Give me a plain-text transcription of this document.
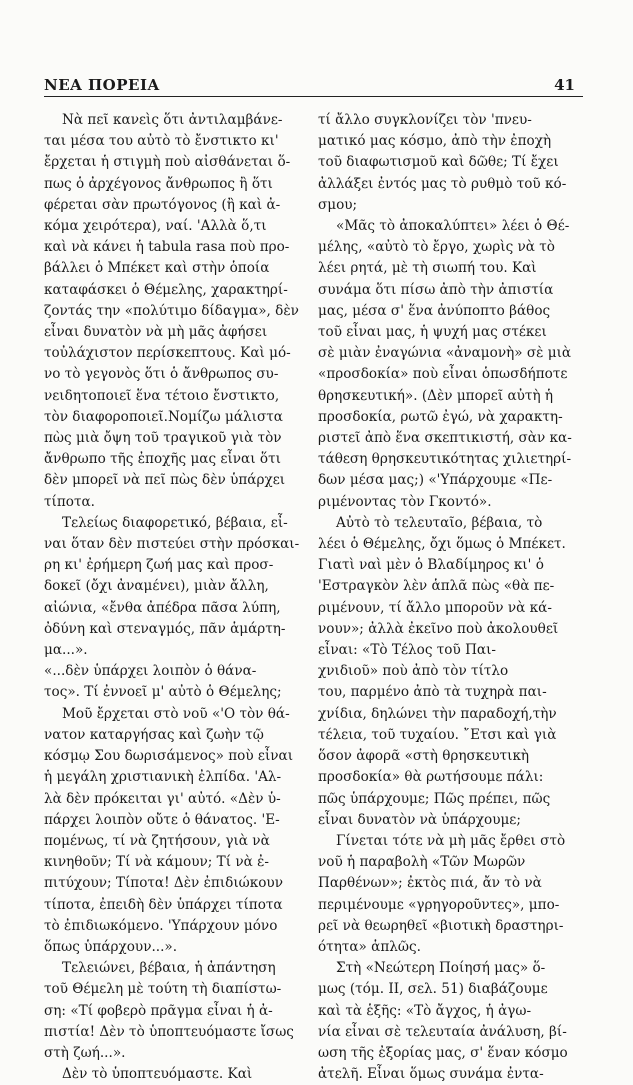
ΝΕΑ ΠΟΡΕΙΑ	41
Νὰ πεῖ κανεὶς ὅτι ἀντιλαμβάνε-
ται μέσα του αὐτὸ τὸ ἔνστικτο κι'
ἔρχεται ἡ στιγμὴ ποὺ αἰσθάνεται ὅ-
πως ὁ ἀρχέγονος ἄνθρωπος ἢ ὅτι
φέρεται σὰν πρωτόγονος (ἢ καὶ ἀ-
κόμα χειρότερα), ναί. 'Αλλὰ ὅ,τι
καὶ νὰ κάνει ἡ tabula rasa ποὺ προ-
βάλλει ὁ Μπέκετ καὶ στὴν ὁποία
καταφάσκει ὁ Θέμελης, χαρακτηρί-
ζοντάς την «πολύτιμο δίδαγμα», δὲν
εἶναι δυνατὸν νὰ μὴ μᾶς ἀφήσει
τοὐλάχιστον περίσκεπτους. Καὶ μό-
νο τὸ γεγονὸς ὅτι ὁ ἄνθρωπος συ-
νειδητοποιεῖ ἕνα τέτοιο ἔνστικτο,
τὸν διαφοροποιεῖ.Νομίζω μάλιστα
πὼς μιὰ ὄψη τοῦ τραγικοῦ γιὰ τὸν
ἄνθρωπο τῆς ἐποχῆς μας εἶναι ὅτι
δὲν μπορεῖ νὰ πεῖ πὼς δὲν ὑπάρχει
τίποτα.
Τελείως διαφορετικό, βέβαια, εἶ-
ναι ὅταν δὲν πιστεύει στὴν πρόσκαι-
ρη κι' ἐρήμερη ζωή μας καὶ προσ-
δοκεῖ (ὄχι ἀναμένει), μιὰν ἄλλη,
αἰώνια, «ἔνθα ἀπέδρα πᾶσα λύπη,
ὀδύνη καὶ στεναγμός, πᾶν ἁμάρτη-
μα...».
«...δὲν ὑπάρχει λοιπὸν ὁ θάνα-
τος». Τί ἐννοεῖ μ' αὐτὸ ὁ Θέμελης;
Μοῦ ἔρχεται στὸ νοῦ «'Ο τὸν θά-
νατον καταργήσας καὶ ζωὴν τῷ
κόσμῳ Σου δωρισάμενος» ποὺ εἶναι
ἡ μεγάλη χριστιανικὴ ἐλπίδα. 'Αλ-
λὰ δὲν πρόκειται γι' αὐτό. «Δὲν ὑ-
πάρχει λοιπὸν οὔτε ὁ θάνατος. 'Ε-
πομένως, τί νὰ ζητήσουν, γιὰ νὰ
κινηθοῦν; Τί νὰ κάμουν; Τί νὰ ἐ-
πιτύχουν; Τίποτα! Δὲν ἐπιδιώκουν
τίποτα, ἐπειδὴ δὲν ὑπάρχει τίποτα
τὸ ἐπιδιωκόμενο. 'Υπάρχουν μόνο
ὅπως ὑπάρχουν...».
Τελειώνει, βέβαια, ἡ ἀπάντηση
τοῦ Θέμελη μὲ τούτη τὴ διαπίστω-
ση: «Τί φοβερὸ πρᾶγμα εἶναι ἡ ἀ-
πιστία! Δὲν τὸ ὑποπτευόμαστε ἴσως
στὴ ζωή...».
Δὲν τὸ ὑποπτευόμαστε. Καὶ
τί ἄλλο συγκλονίζει τὸν 'πνευ-
ματικό μας κόσμο, ἀπὸ τὴν ἐποχὴ
τοῦ διαφωτισμοῦ καὶ δῶθε; Τί ἔχει
ἀλλάξει ἐντός μας τὸ ρυθμὸ τοῦ κό-
σμου;
«Μᾶς τὸ ἀποκαλύπτει» λέει ὁ Θέ-
μέλης, «αὐτὸ τὸ ἔργο, χωρὶς νὰ τὸ
λέει ρητά, μὲ τὴ σιωπή του. Καὶ
συνάμα ὅτι πίσω ἀπὸ τὴν ἀπιστία
μας, μέσα σ' ἕνα ἀνύποπτο βάθος
τοῦ εἶναι μας, ἡ ψυχή μας στέκει
σὲ μιὰν ἐναγώνια «ἀναμονὴ» σὲ μιὰ
«προσδοκία» ποὺ εἶναι ὁπωσδήποτε
θρησκευτική». (Δὲν μπορεῖ αὐτὴ ἡ
προσδοκία, ρωτῶ ἐγώ, νὰ χαρακτη-
ριστεῖ ἀπὸ ἕνα σκεπτικιστή, σὰν κα-
τάθεση θρησκευτικότητας χιλιετηρί-
δων μέσα μας;) «'Υπάρχουμε «Πε-
ριμένοντας τὸν Γκοντό».
Αὐτὸ τὸ τελευταῖο, βέβαια, τὸ
λέει ὁ Θέμελης, ὄχι ὅμως ὁ Μπέκετ.
Γιατὶ ναὶ μὲν ὁ Βλαδίμηρος κι' ὁ
'Εστραγκὸν λὲν ἁπλᾶ πὼς «θὰ πε-
ριμένουν, τί ἄλλο μποροῦν νὰ κά-
νουν»; ἀλλὰ ἐκεῖνο ποὺ ἀκολουθεῖ
εἶναι: «Τὸ Τέλος τοῦ Παι-
χνιδιοῦ» ποὺ ἀπὸ τὸν τίτλο
του, παρμένο ἀπὸ τὰ τυχηρὰ παι-
χνίδια, δηλώνει τὴν παραδοχή,τὴν
τέλεια, τοῦ τυχαίου. ῎Ετσι καὶ γιὰ
ὅσον ἀφορᾶ «στὴ θρησκευτικὴ
προσδοκία» θὰ ρωτήσουμε πάλι:
πῶς ὑπάρχουμε; Πῶς πρέπει, πῶς
εἶναι δυνατὸν νὰ ὑπάρχουμε;
Γίνεται τότε νὰ μὴ μᾶς ἔρθει στὸ
νοῦ ἡ παραβολὴ «Τῶν Μωρῶν
Παρθένων»; ἐκτὸς πιά, ἄν τὸ νὰ
περιμένουμε «γρηγοροῦντες», μπο-
ρεῖ νὰ θεωρηθεῖ «βιοτικὴ δραστηρι-
ότητα» ἁπλῶς.
Στὴ «Νεώτερη Ποίησή μας» ὅ-
μως (τόμ. II, σελ. 51) διαβάζουμε
καὶ τὰ ἑξῆς: «Τὸ ἄγχος, ἡ ἀγω-
νία εἶναι σὲ τελευταία ἀνάλυση, βί-
ωση τῆς ἐξορίας μας, σ' ἕναν κόσμο
ἀτελῆ. Εἶναι ὅμως συνάμα ἐντα-
